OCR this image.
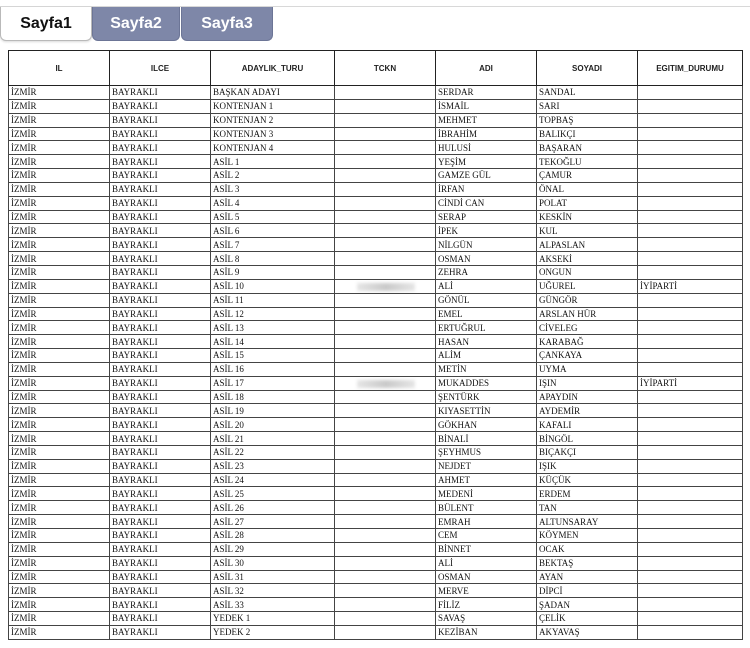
Sayfa1	Sayfa2	Sayfa3
IL	ILCE	ADAYLIK_TURU	TCKN	ADI	SOYADI	EGITIM_DURUMU
İZMİR	BAYRAKLI	BAŞKAN ADAYI		SERDAR	SANDAL	
İZMİR	BAYRAKLI	KONTENJAN 1		İSMAİL	SARI	
İZMİR	BAYRAKLI	KONTENJAN 2		MEHMET	TOPBAŞ	
İZMİR	BAYRAKLI	KONTENJAN 3		İBRAHİM	BALIKÇI	
İZMİR	BAYRAKLI	KONTENJAN 4		HULUSİ	BAŞARAN	
İZMİR	BAYRAKLI	ASİL 1		YEŞİM	TEKOĞLU	
İZMİR	BAYRAKLI	ASİL 2		GAMZE GÜL	ÇAMUR	
İZMİR	BAYRAKLI	ASİL 3		İRFAN	ÖNAL	
İZMİR	BAYRAKLI	ASİL 4		CİNDİ CAN	POLAT	
İZMİR	BAYRAKLI	ASİL 5		SERAP	KESKİN	
İZMİR	BAYRAKLI	ASİL 6		İPEK	KUL	
İZMİR	BAYRAKLI	ASİL 7		NİLGÜN	ALPASLAN	
İZMİR	BAYRAKLI	ASİL 8		OSMAN	AKSEKİ	
İZMİR	BAYRAKLI	ASİL 9		ZEHRA	ONGUN	
İZMİR	BAYRAKLI	ASİL 10		ALİ	UĞUREL	İYİPARTİ
İZMİR	BAYRAKLI	ASİL 11		GÖNÜL	GÜNGÖR	
İZMİR	BAYRAKLI	ASİL 12		EMEL	ARSLAN HÜR	
İZMİR	BAYRAKLI	ASİL 13		ERTUĞRUL	CİVELEG	
İZMİR	BAYRAKLI	ASİL 14		HASAN	KARABAĞ	
İZMİR	BAYRAKLI	ASİL 15		ALİM	ÇANKAYA	
İZMİR	BAYRAKLI	ASİL 16		METİN	UYMA	
İZMİR	BAYRAKLI	ASİL 17		MUKADDES	IŞIN	İYİPARTİ
İZMİR	BAYRAKLI	ASİL 18		ŞENTÜRK	APAYDIN	
İZMİR	BAYRAKLI	ASİL 19		KIYASETTİN	AYDEMİR	
İZMİR	BAYRAKLI	ASİL 20		GÖKHAN	KAFALI	
İZMİR	BAYRAKLI	ASİL 21		BİNALİ	BİNGÖL	
İZMİR	BAYRAKLI	ASİL 22		ŞEYHMUS	BIÇAKÇI	
İZMİR	BAYRAKLI	ASİL 23		NEJDET	IŞIK	
İZMİR	BAYRAKLI	ASİL 24		AHMET	KÜÇÜK	
İZMİR	BAYRAKLI	ASİL 25		MEDENİ	ERDEM	
İZMİR	BAYRAKLI	ASİL 26		BÜLENT	TAN	
İZMİR	BAYRAKLI	ASİL 27		EMRAH	ALTUNSARAY	
İZMİR	BAYRAKLI	ASİL 28		CEM	KÖYMEN	
İZMİR	BAYRAKLI	ASİL 29		BİNNET	OCAK	
İZMİR	BAYRAKLI	ASİL 30		ALİ	BEKTAŞ	
İZMİR	BAYRAKLI	ASİL 31		OSMAN	AYAN	
İZMİR	BAYRAKLI	ASİL 32		MERVE	DİPCİ	
İZMİR	BAYRAKLI	ASİL 33		FİLİZ	ŞADAN	
İZMİR	BAYRAKLI	YEDEK 1		SAVAŞ	ÇELİK	
İZMİR	BAYRAKLI	YEDEK 2		KEZİBAN	AKYAVAŞ	
